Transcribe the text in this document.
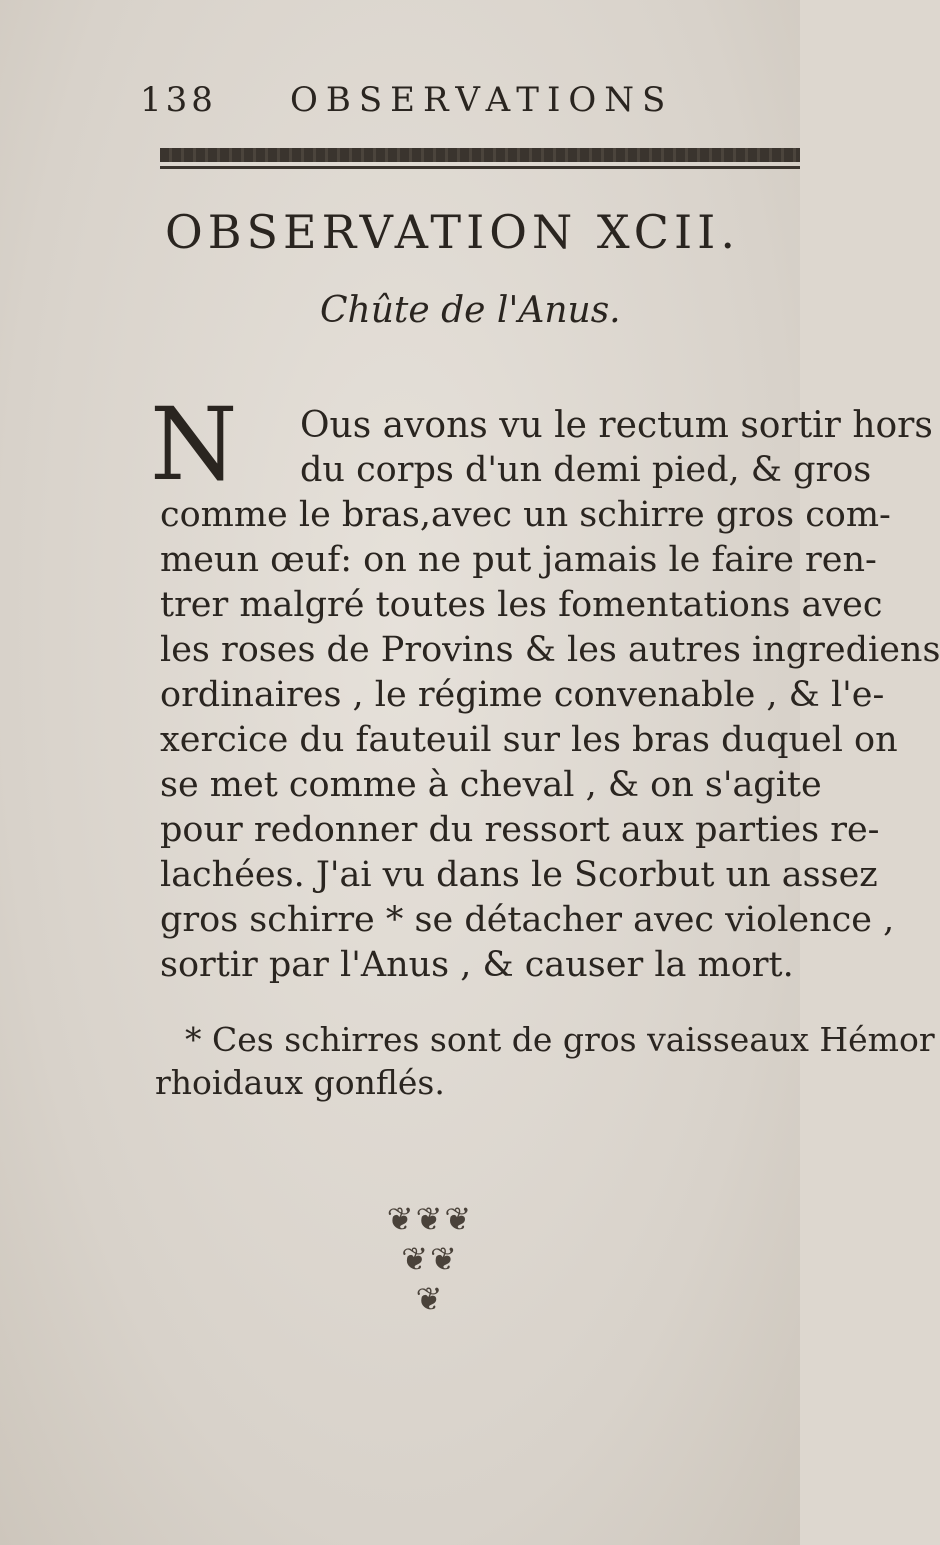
138 OBSERVATIONS
OBSERVATION XCII.
Chûte de l'Anus.
N Ous avons vu le rectum sortir hors
du corps d'un demi pied, & gros
comme le bras,avec un schirre gros com-
meun œuf: on ne put jamais le faire ren-
trer malgré toutes les fomentations avec
les roses de Provins & les autres ingrediens
ordinaires , le régime convenable , & l'e-
xercice du fauteuil sur les bras duquel on
se met comme à cheval , & on s'agite
pour redonner du ressort aux parties re-
lachées. J'ai vu dans le Scorbut un assez
gros schirre * se détacher avec violence ,
sortir par l'Anus , & causer la mort.
* Ces schirres sont de gros vaisseaux Hémor
rhoidaux gonflés.
❦❦❦
❦❦
❦
